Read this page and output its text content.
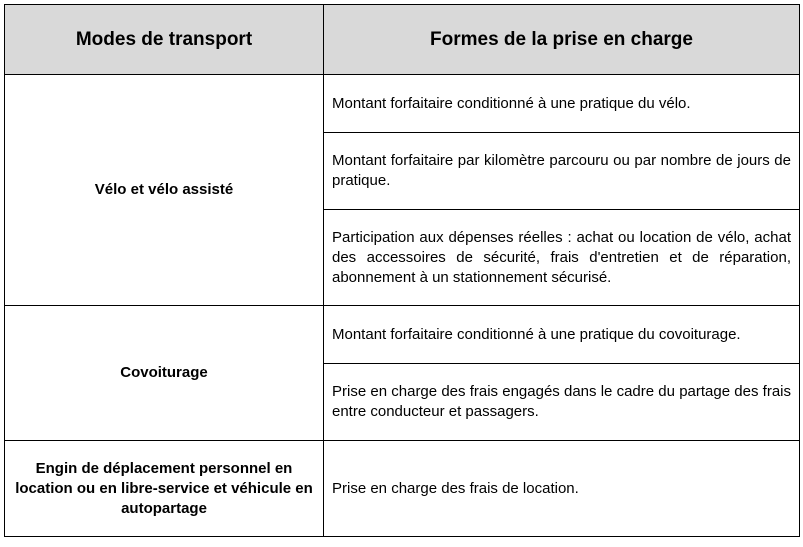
Modes de transport	Formes de la prise en charge
Vélo et vélo assisté	Montant forfaitaire conditionné à une pratique du vélo.
	Montant forfaitaire par kilomètre parcouru ou par nombre de jours de pratique.
	Participation aux dépenses réelles : achat ou location de vélo, achat des accessoires de sécurité, frais d'entretien et de réparation, abonnement à un stationnement sécurisé.
Covoiturage	Montant forfaitaire conditionné à une pratique du covoiturage.
	Prise en charge des frais engagés dans le cadre du partage des frais entre conducteur et passagers.
Engin de déplacement personnel en location ou en libre-service et véhicule en autopartage	Prise en charge des frais de location.
